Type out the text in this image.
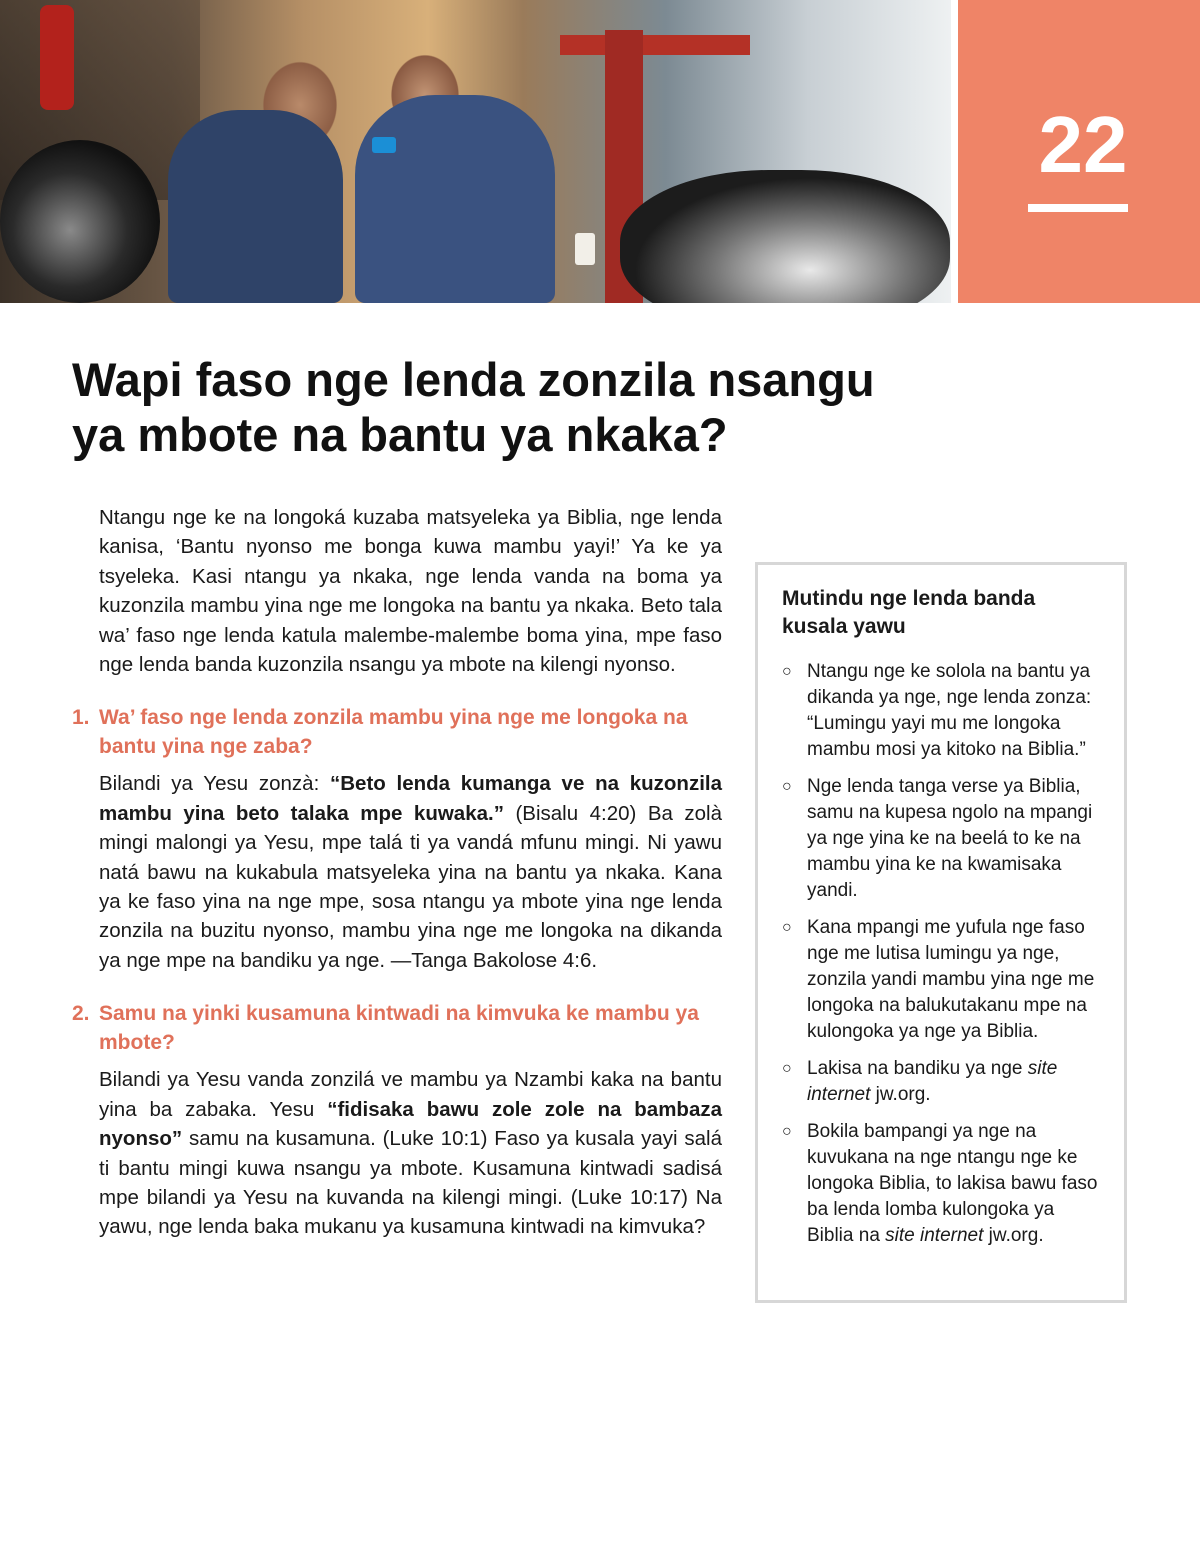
22
Wapi faso nge lenda zonzila nsangu
ya mbote na bantu ya nkaka?

Ntangu nge ke na longoká kuzaba matsyeleka ya Biblia, nge lenda kanisa, ‘Bantu nyonso me bonga kuwa mambu yayi!’ Ya ke ya tsyeleka. Kasi ntangu ya nkaka, nge lenda vanda na boma ya kuzonzila mambu yina nge me longoka na bantu ya nkaka. Beto tala wa’ faso nge lenda katula malembe-malembe boma yina, mpe faso nge lenda banda kuzonzila nsangu ya mbote na kilengi nyonso.

1. Wa’ faso nge lenda zonzila mambu yina nge me longoka na bantu yina nge zaba?

Bilandi ya Yesu zonzà: “Beto lenda kumanga ve na kuzonzila mambu yina beto talaka mpe kuwaka.” (Bisalu 4:20) Ba zolà mingi malongi ya Yesu, mpe talá ti ya vandá mfunu mingi. Ni yawu natá bawu na kukabula matsyeleka yina na bantu ya nkaka. Kana ya ke faso yina na nge mpe, sosa ntangu ya mbote yina nge lenda zonzila na buzitu nyonso, mambu yina nge me longoka na dikanda ya nge mpe na bandiku ya nge. —Tanga Bakolose 4:6.

2. Samu na yinki kusamuna kintwadi na kimvuka ke mambu ya mbote?

Bilandi ya Yesu vanda zonzilá ve mambu ya Nzambi kaka na bantu yina ba zabaka. Yesu “fidisaka bawu zole zole na bambaza nyonso” samu na kusamuna. (Luke 10:1) Faso ya kusala yayi salá ti bantu mingi kuwa nsangu ya mbote. Kusamuna kintwadi sadisá mpe bilandi ya Yesu na kuvanda na kilengi mingi. (Luke 10:17) Na yawu, nge lenda baka mukanu ya kusamuna kintwadi na kimvuka?

Mutindu nge lenda banda kusala yawu
○ Ntangu nge ke solola na bantu ya dikanda ya nge, nge lenda zonza: “Lumingu yayi mu me longoka mambu mosi ya kitoko na Biblia.”
○ Nge lenda tanga verse ya Biblia, samu na kupesa ngolo na mpangi ya nge yina ke na beelá to ke na mambu yina ke na kwamisaka yandi.
○ Kana mpangi me yufula nge faso nge me lutisa lumingu ya nge, zonzila yandi mambu yina nge me longoka na balukutakanu mpe na kulongoka ya nge ya Biblia.
○ Lakisa na bandiku ya nge site internet jw.org.
○ Bokila bampangi ya nge na kuvukana na nge ntangu nge ke longoka Biblia, to lakisa bawu faso ba lenda lomba kulongoka ya Biblia na site internet jw.org.
